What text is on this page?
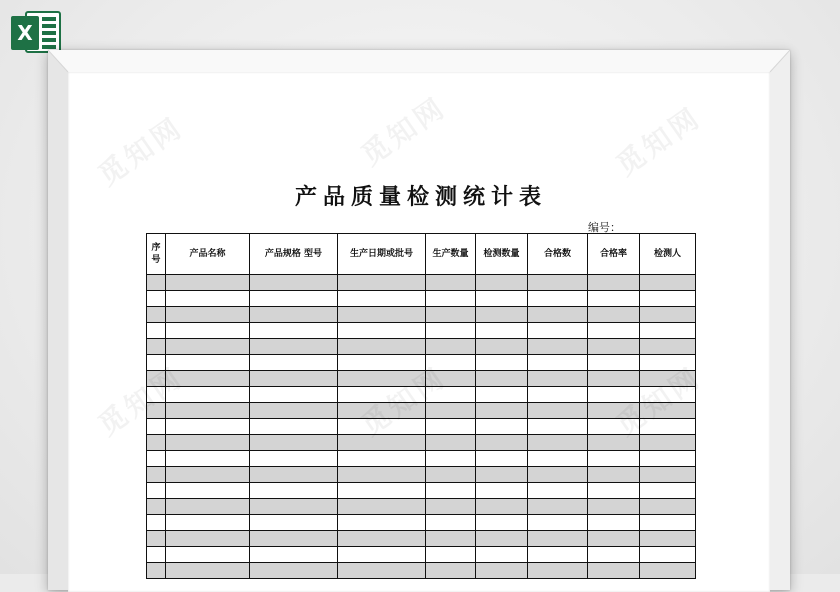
X
产品质量检测统计表
编号：
序号	产品名称	产品规格 型号	生产日期或批号	生产数量	检测数量	合格数	合格率	检测人
